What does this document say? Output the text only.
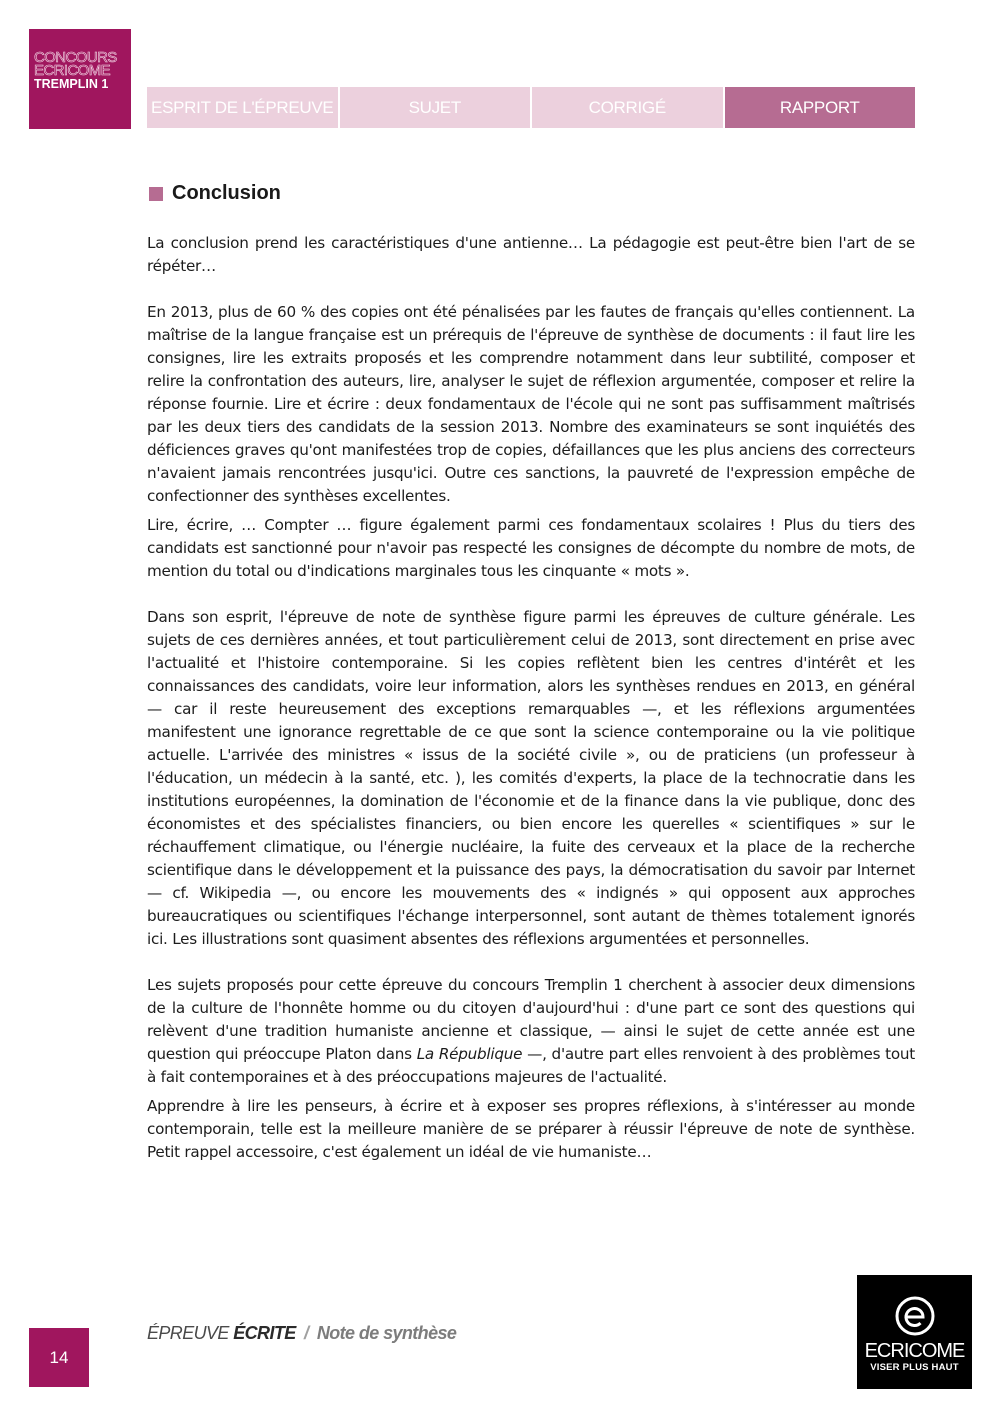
CONCOURS
ECRICOME
TREMPLIN 1
ESPRIT DE L'ÉPREUVE	SUJET	CORRIGÉ	RAPPORT
Conclusion

La conclusion prend les caractéristiques d'une antienne… La pédagogie est peut-être bien l'art de se répéter…

En 2013, plus de 60 % des copies ont été pénalisées par les fautes de français qu'elles contiennent. La maîtrise de la langue française est un prérequis de l'épreuve de synthèse de documents : il faut lire les consignes, lire les extraits proposés et les comprendre notamment dans leur subtilité, composer et relire la confrontation des auteurs, lire, analyser le sujet de réflexion argumentée, composer et relire la réponse fournie. Lire et écrire : deux fondamentaux de l'école qui ne sont pas suffisamment maîtrisés par les deux tiers des candidats de la session 2013. Nombre des examinateurs se sont inquiétés des déficiences graves qu'ont manifestées trop de copies, défaillances que les plus anciens des correcteurs n'avaient jamais rencontrées jusqu'ici. Outre ces sanctions, la pauvreté de l'expression empêche de confectionner des synthèses excellentes.

Lire, écrire, … Compter … figure également parmi ces fondamentaux scolaires ! Plus du tiers des candidats est sanctionné pour n'avoir pas respecté les consignes de décompte du nombre de mots, de mention du total ou d'indications marginales tous les cinquante « mots ».

Dans son esprit, l'épreuve de note de synthèse figure parmi les épreuves de culture générale. Les sujets de ces dernières années, et tout particulièrement celui de 2013, sont directement en prise avec l'actualité et l'histoire contemporaine. Si les copies reflètent bien les centres d'intérêt et les connaissances des candidats, voire leur information, alors les synthèses rendues en 2013, en général — car il reste heureusement des exceptions remarquables —, et les réflexions argumentées manifestent une ignorance regrettable de ce que sont la science contemporaine ou la vie politique actuelle. L'arrivée des ministres « issus de la société civile », ou de praticiens (un professeur à l'éducation, un médecin à la santé, etc. ), les comités d'experts, la place de la technocratie dans les institutions européennes, la domination de l'économie et de la finance dans la vie publique, donc des économistes et des spécialistes financiers, ou bien encore les querelles « scientifiques » sur le réchauffement climatique, ou l'énergie nucléaire, la fuite des cerveaux et la place de la recherche scientifique dans le développement et la puissance des pays, la démocratisation du savoir par Internet — cf. Wikipedia —, ou encore les mouvements des « indignés » qui opposent aux approches bureaucratiques ou scientifiques l'échange interpersonnel, sont autant de thèmes totalement ignorés ici. Les illustrations sont quasiment absentes des réflexions argumentées et personnelles.

Les sujets proposés pour cette épreuve du concours Tremplin 1 cherchent à associer deux dimensions de la culture de l'honnête homme ou du citoyen d'aujourd'hui : d'une part ce sont des questions qui relèvent d'une tradition humaniste ancienne et classique, — ainsi le sujet de cette année est une question qui préoccupe Platon dans La République —, d'autre part elles renvoient à des problèmes tout à fait contemporaines et à des préoccupations majeures de l'actualité.

Apprendre à lire les penseurs, à écrire et à exposer ses propres réflexions, à s'intéresser au monde contemporain, telle est la meilleure manière de se préparer à réussir l'épreuve de note de synthèse. Petit rappel accessoire, c'est également un idéal de vie humaniste…

14
ÉPREUVE ÉCRITE / Note de synthèse
ECRICOME
VISER PLUS HAUT
